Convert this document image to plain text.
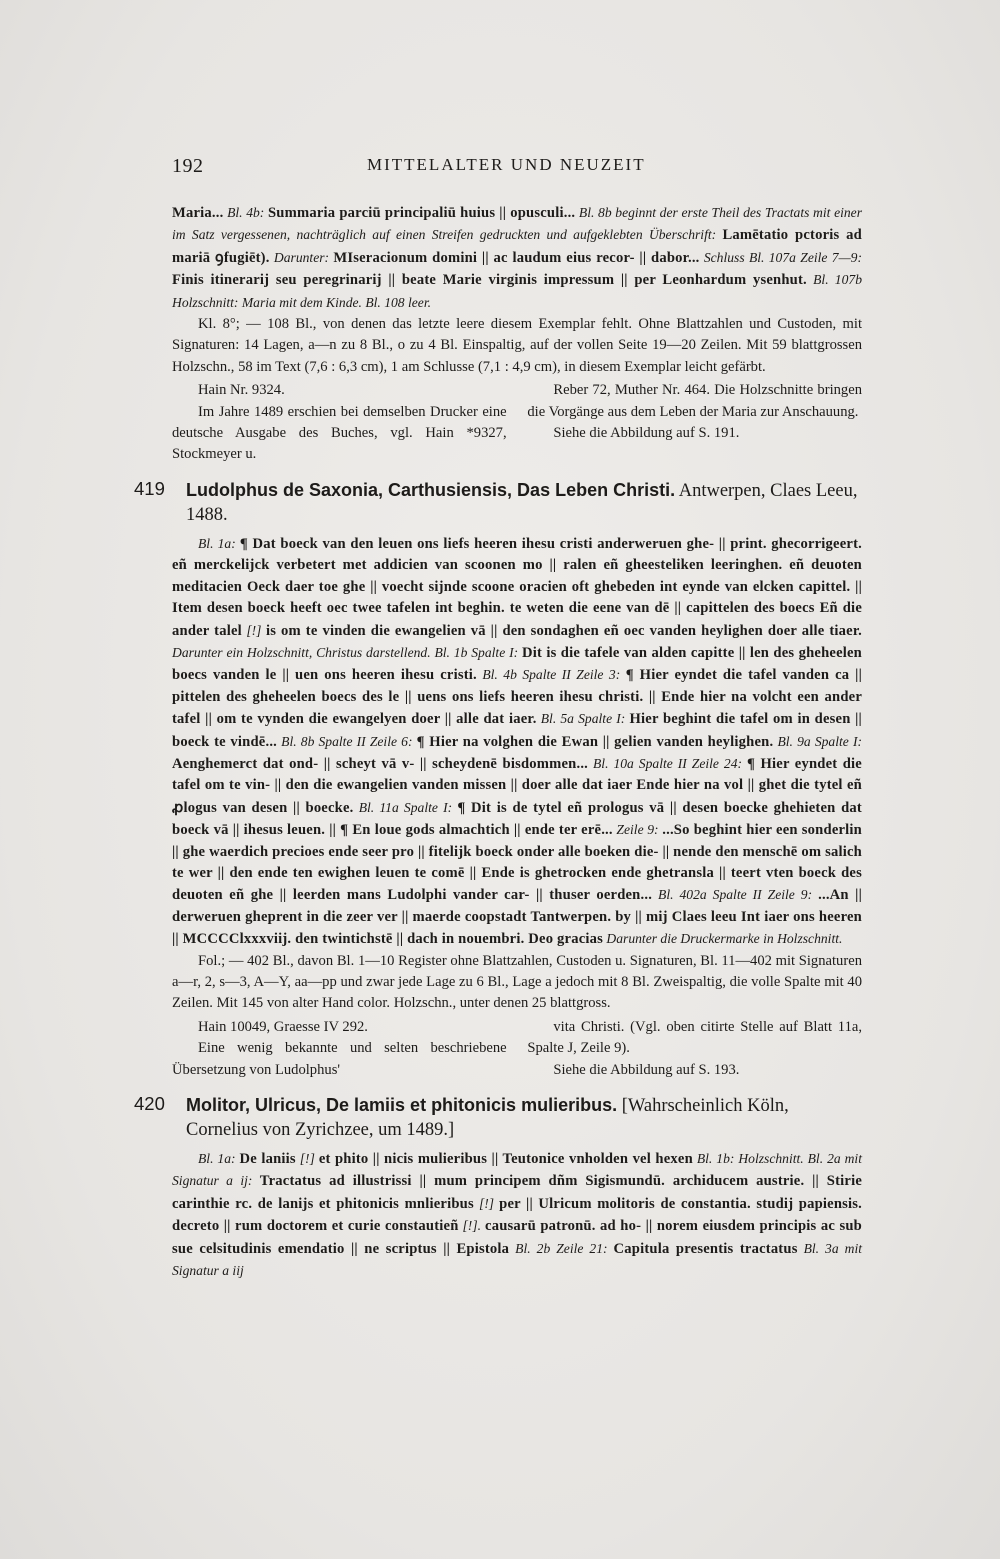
192	MITTELALTER UND NEUZEIT

Maria... Bl. 4b: Summaria parciū principaliū huius || opusculi... Bl. 8b beginnt der erste Theil des Tractats mit einer im Satz vergessenen, nachträglich auf einen Streifen gedruckten und aufgeklebten Überschrift: Lamētatio pctoris ad mariā ꝯfugiēt). Darunter: MIseracionum domini || ac laudum eius recor- || dabor... Schluss Bl. 107a Zeile 7—9: Finis itinerarij seu peregrinarij || beate Marie virginis impressum || per Leonhardum ysenhut. Bl. 107b Holzschnitt: Maria mit dem Kinde. Bl. 108 leer.

Kl. 8°; — 108 Bl., von denen das letzte leere diesem Exemplar fehlt. Ohne Blattzahlen und Custoden, mit Signaturen: 14 Lagen, a—n zu 8 Bl., o zu 4 Bl. Einspaltig, auf der vollen Seite 19—20 Zeilen. Mit 59 blattgrossen Holzschn., 58 im Text (7,6 : 6,3 cm), 1 am Schlusse (7,1 : 4,9 cm), in diesem Exemplar leicht gefärbt.

Hain Nr. 9324.

Im Jahre 1489 erschien bei demselben Drucker eine deutsche Ausgabe des Buches, vgl. Hain *9327, Stockmeyer u.

Reber 72, Muther Nr. 464. Die Holzschnitte bringen die Vorgänge aus dem Leben der Maria zur Anschauung.

Siehe die Abbildung auf S. 191.

419	Ludolphus de Saxonia, Carthusiensis, Das Leben Christi. Antwerpen, Claes Leeu, 1488.

Bl. 1a: ¶ Dat boeck van den leuen ons liefs heeren ihesu cristi anderweruen ghe- || print. ghecorrigeert. eñ merckelijck verbetert met addicien van scoonen mo || ralen eñ gheesteliken leeringhen. eñ deuoten meditacien Oeck daer toe ghe || voecht sijnde scoone oracien oft ghebeden int eynde van elcken capittel. || Item desen boeck heeft oec twee tafelen int beghin. te weten die eene van dē || capittelen des boecs Eñ die ander talel [!] is om te vinden die ewangelien vā || den sondaghen eñ oec vanden heylighen doer alle tiaer. Darunter ein Holzschnitt, Christus darstellend. Bl. 1b Spalte I: Dit is die tafele van alden capitte || len des gheheelen boecs vanden le || uen ons heeren ihesu cristi. Bl. 4b Spalte II Zeile 3: ¶ Hier eyndet die tafel vanden ca || pittelen des gheheelen boecs des le || uens ons liefs heeren ihesu christi. || Ende hier na volcht een ander tafel || om te vynden die ewangelyen doer || alle dat iaer. Bl. 5a Spalte I: Hier beghint die tafel om in desen || boeck te vindē... Bl. 8b Spalte II Zeile 6: ¶ Hier na volghen die Ewan || gelien vanden heylighen. Bl. 9a Spalte I: Aenghemerct dat ond- || scheyt vā v- || scheydenē bisdommen... Bl. 10a Spalte II Zeile 24: ¶ Hier eyndet die tafel om te vin- || den die ewangelien vanden missen || doer alle dat iaer Ende hier na vol || ghet die tytel eñ ꝓlogus van desen || boecke. Bl. 11a Spalte I: ¶ Dit is de tytel eñ prologus vā || desen boecke ghehieten dat boeck vā || ihesus leuen. || ¶ En loue gods almachtich || ende ter erē... Zeile 9: ...So beghint hier een sonderlin || ghe waerdich precioes ende seer pro || fitelijk boeck onder alle boeken die- || nende den menschē om salich te wer || den ende ten ewighen leuen te comē || Ende is ghetrocken ende ghetransla || teert vten boeck des deuoten eñ ghe || leerden mans Ludolphi vander car- || thuser oerden... Bl. 402a Spalte II Zeile 9: ...An || derweruen gheprent in die zeer ver || maerde coopstadt Tantwerpen. by || mij Claes leeu Int iaer ons heeren || MCCCClxxxviij. den twintichstē || dach in nouembri. Deo gracias Darunter die Druckermarke in Holzschnitt.

Fol.; — 402 Bl., davon Bl. 1—10 Register ohne Blattzahlen, Custoden u. Signaturen, Bl. 11—402 mit Signaturen a—r, 2, s—3, A—Y, aa—pp und zwar jede Lage zu 6 Bl., Lage a jedoch mit 8 Bl. Zweispaltig, die volle Spalte mit 40 Zeilen. Mit 145 von alter Hand color. Holzschn., unter denen 25 blattgross.

Hain 10049, Graesse IV 292.

Eine wenig bekannte und selten beschriebene Übersetzung von Ludolphus'

vita Christi. (Vgl. oben citirte Stelle auf Blatt 11a, Spalte J, Zeile 9).

Siehe die Abbildung auf S. 193.

420	Molitor, Ulricus, De lamiis et phitonicis mulieribus. [Wahrscheinlich Köln, Cornelius von Zyrichzee, um 1489.]

Bl. 1a: De laniis [!] et phito || nicis mulieribus || Teutonice vnholden vel hexen Bl. 1b: Holzschnitt. Bl. 2a mit Signatur a ij: Tractatus ad illustrissi || mum principem dñm Sigismundū. archiducem austrie. || Stirie carinthie rc. de lanijs et phitonicis mnlieribus [!] per || Ulricum molitoris de constantia. studij papiensis. decreto || rum doctorem et curie constautieñ [!]. causarū patronū. ad ho- || norem eiusdem principis ac sub sue celsitudinis emendatio || ne scriptus || Epistola Bl. 2b Zeile 21: Capitula presentis tractatus Bl. 3a mit Signatur a iij
